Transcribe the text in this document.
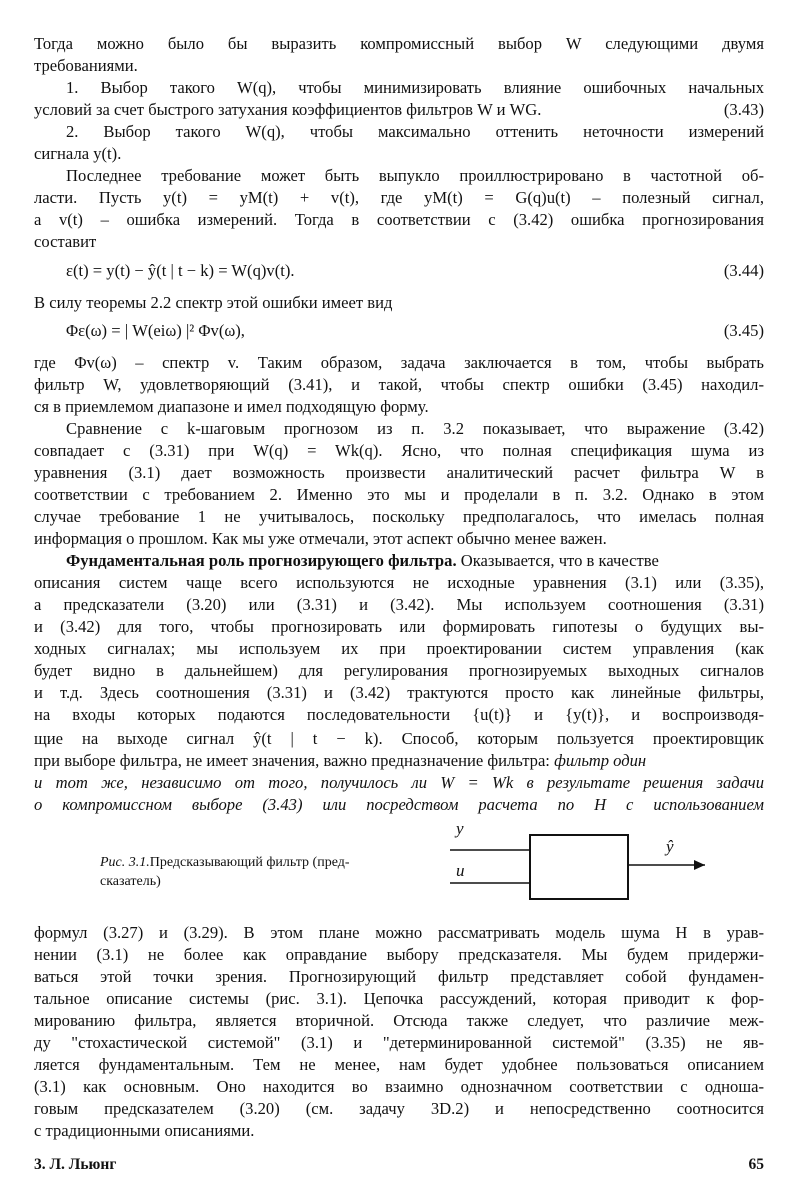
Тогда можно было бы выразить компромиссный выбор W следующими двумя
требованиями.
1. Выбор такого W(q), чтобы минимизировать влияние ошибочных начальных
условий за счет быстрого затухания коэффициентов фильтров W и WG.	(3.43)
2. Выбор такого W(q), чтобы максимально оттенить неточности измерений
сигнала y(t).
Последнее требование может быть выпукло проиллюстрировано в частотной об-
ласти. Пусть y(t) = yM(t) + v(t), где yM(t) = G(q)u(t) – полезный сигнал,
а v(t) – ошибка измерений. Тогда в соответствии с (3.42) ошибка прогнозирования
составит
ε(t) = y(t) − ŷ(t | t − k) = W(q)v(t).	(3.44)
В силу теоремы 2.2 спектр этой ошибки имеет вид
Φε(ω) = | W(eiω) |² Φv(ω),	(3.45)
где Φv(ω) – спектр v. Таким образом, задача заключается в том, чтобы выбрать
фильтр W, удовлетворяющий (3.41), и такой, чтобы спектр ошибки (3.45) находил-
ся в приемлемом диапазоне и имел подходящую форму.
Сравнение с k-шаговым прогнозом из п. 3.2 показывает, что выражение (3.42)
совпадает с (3.31) при W(q) = Wk(q). Ясно, что полная спецификация шума из
уравнения (3.1) дает возможность произвести аналитический расчет фильтра W в
соответствии с требованием 2. Именно это мы и проделали в п. 3.2. Однако в этом
случае требование 1 не учитывалось, поскольку предполагалось, что имелась полная
информация о прошлом. Как мы уже отмечали, этот аспект обычно менее важен.
Фундаментальная роль прогнозирующего фильтра. Оказывается, что в качестве
описания систем чаще всего используются не исходные уравнения (3.1) или (3.35),
а предсказатели (3.20) или (3.31) и (3.42). Мы используем соотношения (3.31)
и (3.42) для того, чтобы прогнозировать или формировать гипотезы о будущих вы-
ходных сигналах; мы используем их при проектировании систем управления (как
будет видно в дальнейшем) для регулирования прогнозируемых выходных сигналов
и т.д. Здесь соотношения (3.31) и (3.42) трактуются просто как линейные фильтры,
на входы которых подаются последовательности {u(t)} и {y(t)}, и воспроизводя-
щие на выходе сигнал ŷ(t | t − k). Способ, которым пользуется проектировщик
при выборе фильтра, не имеет значения, важно предназначение фильтра: фильтр один
и тот же, независимо от того, получилось ли W = Wk в результате решения задачи
о компромиссном выборе (3.43) или посредством расчета по H с использованием
Рис. 3.1.Предсказывающий фильтр (пред-
сказатель)
y
u
ŷ
формул (3.27) и (3.29). В этом плане можно рассматривать модель шума H в урав-
нении (3.1) не более как оправдание выбору предсказателя. Мы будем придержи-
ваться этой точки зрения. Прогнозирующий фильтр представляет собой фундамен-
тальное описание системы (рис. 3.1). Цепочка рассуждений, которая приводит к фор-
мированию фильтра, является вторичной. Отсюда также следует, что различие меж-
ду "стохастической системой" (3.1) и "детерминированной системой" (3.35) не яв-
ляется фундаментальным. Тем не менее, нам будет удобнее пользоваться описанием
(3.1) как основным. Оно находится во взаимно однозначном соответствии с одноша-
говым предсказателем (3.20) (см. задачу 3D.2) и непосредственно соотносится
с традиционными описаниями.
3. Л. Льюнг	65
